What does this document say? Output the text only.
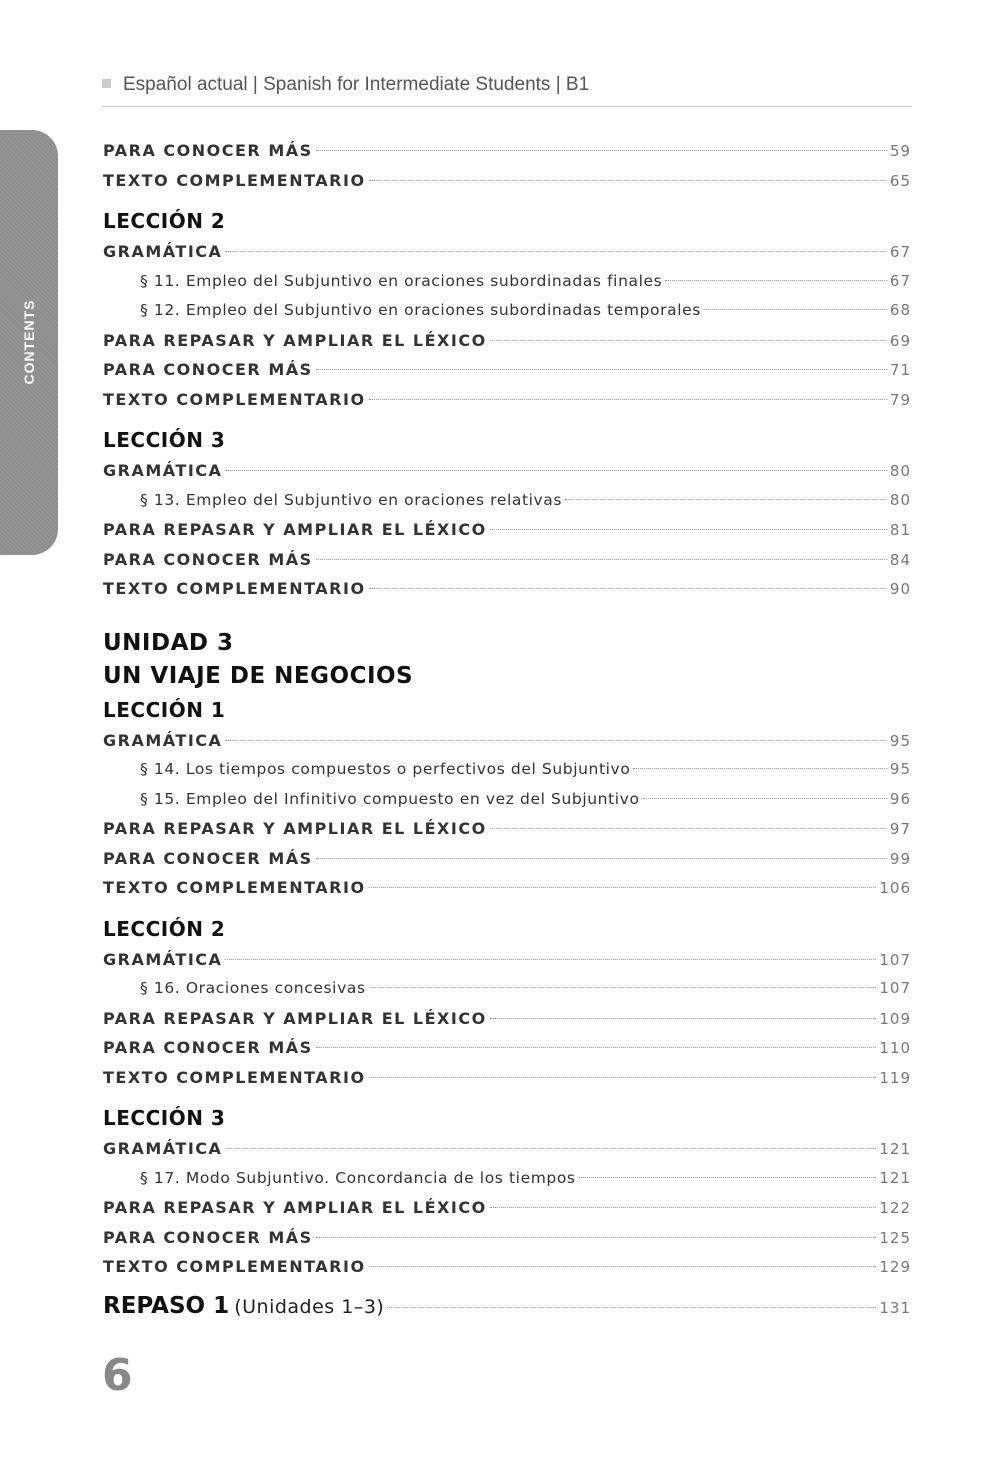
Español actual | Spanish for Intermediate Students | B1
CONTENTS
PARA CONOCER MÁS	59
TEXTO COMPLEMENTARIO	65
LECCIÓN 2
GRAMÁTICA	67
§ 11. Empleo del Subjuntivo en oraciones subordinadas finales	67
§ 12. Empleo del Subjuntivo en oraciones subordinadas temporales	68
PARA REPASAR Y AMPLIAR EL LÉXICO	69
PARA CONOCER MÁS	71
TEXTO COMPLEMENTARIO	79
LECCIÓN 3
GRAMÁTICA	80
§ 13. Empleo del Subjuntivo en oraciones relativas	80
PARA REPASAR Y AMPLIAR EL LÉXICO	81
PARA CONOCER MÁS	84
TEXTO COMPLEMENTARIO	90
UNIDAD 3
UN VIAJE DE NEGOCIOS
LECCIÓN 1
GRAMÁTICA	95
§ 14. Los tiempos compuestos o perfectivos del Subjuntivo	95
§ 15. Empleo del Infinitivo compuesto en vez del Subjuntivo	96
PARA REPASAR Y AMPLIAR EL LÉXICO	97
PARA CONOCER MÁS	99
TEXTO COMPLEMENTARIO	106
LECCIÓN 2
GRAMÁTICA	107
§ 16. Oraciones concesivas	107
PARA REPASAR Y AMPLIAR EL LÉXICO	109
PARA CONOCER MÁS	110
TEXTO COMPLEMENTARIO	119
LECCIÓN 3
GRAMÁTICA	121
§ 17. Modo Subjuntivo. Concordancia de los tiempos	121
PARA REPASAR Y AMPLIAR EL LÉXICO	122
PARA CONOCER MÁS	125
TEXTO COMPLEMENTARIO	129
REPASO 1 (Unidades 1–3)	131
6
